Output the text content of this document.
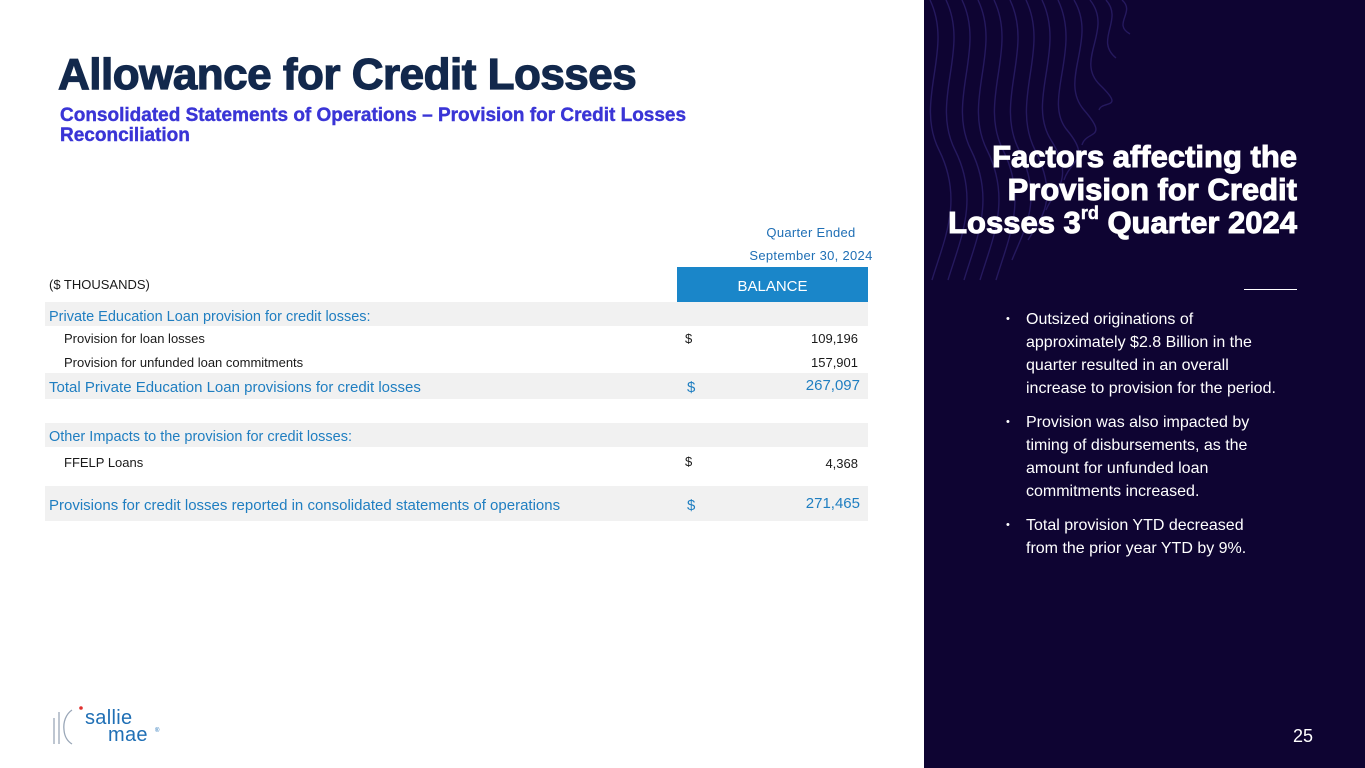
Allowance for Credit Losses
Consolidated Statements of Operations – Provision for Credit Losses Reconciliation
Quarter Ended
September 30, 2024
($ THOUSANDS)	BALANCE
Private Education Loan provision for credit losses:
Provision for loan losses	$	109,196
Provision for unfunded loan commitments	157,901
Total Private Education Loan provisions for credit losses	$	267,097
Other Impacts to the provision for credit losses:
FFELP Loans	$	4,368
Provisions for credit losses reported in consolidated statements of operations	$	271,465
Factors affecting the Provision for Credit Losses 3rd Quarter 2024
• Outsized originations of approximately $2.8 Billion in the quarter resulted in an overall increase to provision for the period.
• Provision was also impacted by timing of disbursements, as the amount for unfunded loan commitments increased.
• Total provision YTD decreased from the prior year YTD by 9%.
25
sallie
mae ®
